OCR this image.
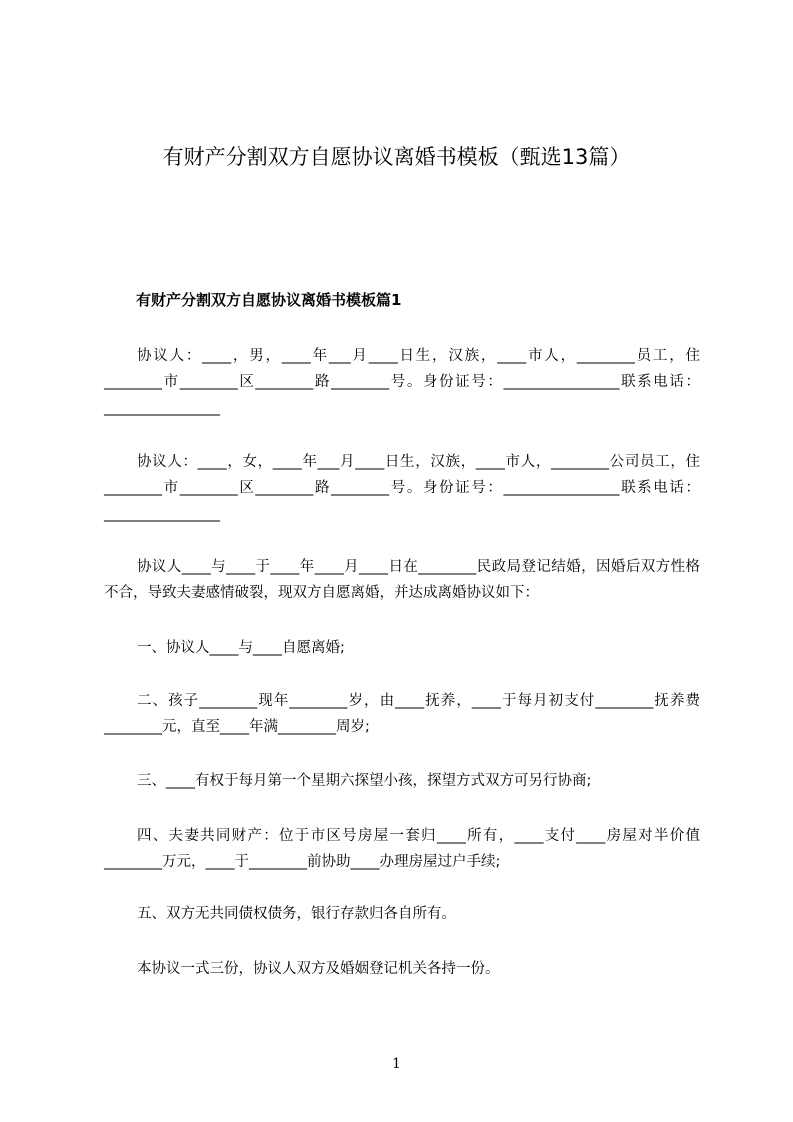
有财产分割双方自愿协议离婚书模板（甄选13篇）
有财产分割双方自愿协议离婚书模板篇1

协议人：____，男，____年___月____日生，汉族，____市人，________员工，住________市________区________路________号。身份证号：________________联系电话：________________

协议人：____，女，____年___月____日生，汉族，____市人，________公司员工，住________市________区________路________号。身份证号：________________联系电话：________________

协议人____与____于____年____月____日在________民政局登记结婚，因婚后双方性格不合，导致夫妻感情破裂，现双方自愿离婚，并达成离婚协议如下：

一、协议人____与____自愿离婚;

二、孩子________现年________岁，由____抚养，____于每月初支付________抚养费________元，直至____年满________周岁;

三、____有权于每月第一个星期六探望小孩，探望方式双方可另行协商;

四、夫妻共同财产：位于市区号房屋一套归____所有，____支付____房屋对半价值________万元，____于________前协助____办理房屋过户手续;

五、双方无共同债权债务，银行存款归各自所有。

本协议一式三份，协议人双方及婚姻登记机关各持一份。

1
